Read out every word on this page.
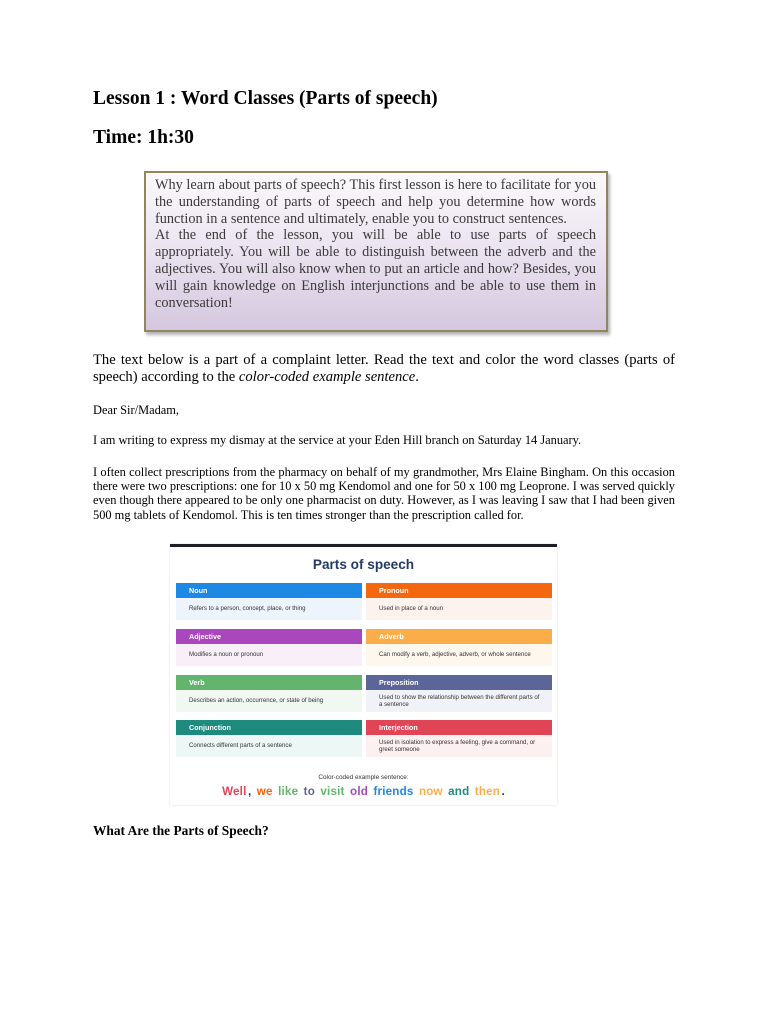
Lesson 1 : Word Classes (Parts of speech)
Time: 1h:30

Why learn about parts of speech? This first lesson is here to facilitate for you the understanding of parts of speech and help you determine how words function in a sentence and ultimately, enable you to construct sentences.

At the end of the lesson, you will be able to use parts of speech appropriately. You will be able to distinguish between the adverb and the adjectives. You will also know when to put an article and how? Besides, you will gain knowledge on English interjunctions and be able to use them in conversation!

The text below is a part of a complaint letter. Read the text and color the word classes (parts of speech) according to the color-coded example sentence.
Dear Sir/Madam,
I am writing to express my dismay at the service at your Eden Hill branch on Saturday 14 January.
I often collect prescriptions from the pharmacy on behalf of my grandmother, Mrs Elaine Bingham. On this occasion there were two prescriptions: one for 10 x 50 mg Kendomol and one for 50 x 100 mg Leoprone. I was served quickly even though there appeared to be only one pharmacist on duty. However, as I was leaving I saw that I had been given 500 mg tablets of Kendomol. This is ten times stronger than the prescription called for.
Parts of speech
Color-coded example sentence:
Well , we like to visit old friends now and then .
Noun
Refers to a person, concept, place, or thing
Pronoun
Used in place of a noun
Adjective
Modifies a noun or pronoun
Adverb
Can modify a verb, adjective, adverb, or whole sentence
Verb
Describes an action, occurrence, or state of being
Preposition
Used to show the relationship between the different parts of a sentence
Conjunction
Connects different parts of a sentence
Interjection
Used in isolation to express a feeling, give a command, or greet someone
What Are the Parts of Speech?
